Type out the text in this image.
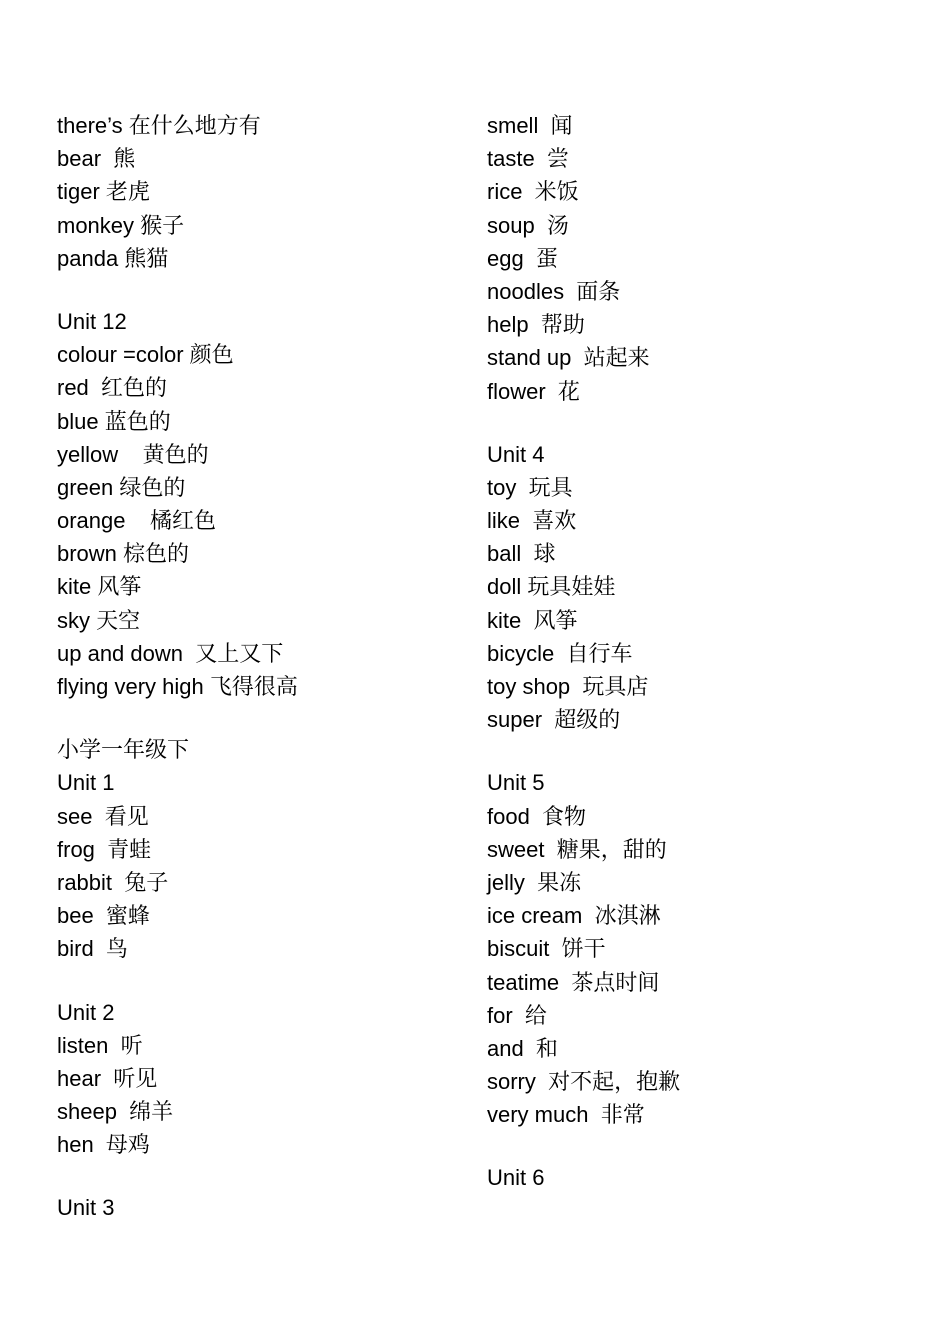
there’s 在什么地方有
bear  熊
tiger 老虎
monkey 猴子
panda 熊猫
Unit 12
colour =color 颜色
red  红色的
blue 蓝色的
yellow    黄色的
green 绿色的
orange    橘红色
brown 棕色的
kite 风筝
sky 天空
up and down  又上又下
flying very high 飞得很高
小学一年级下
Unit 1
see  看见
frog  青蛙
rabbit  兔子
bee  蜜蜂
bird  鸟
Unit 2
listen  听
hear  听见
sheep  绵羊
hen  母鸡
Unit 3
smell  闻
taste  尝
rice  米饭
soup  汤
egg  蛋
noodles  面条
help  帮助
stand up  站起来
flower  花
Unit 4
toy  玩具
like  喜欢
ball  球
doll 玩具娃娃
kite  风筝
bicycle  自行车
toy shop  玩具店
super  超级的
Unit 5
food  食物
sweet  糖果，甜的
jelly  果冻
ice cream  冰淇淋
biscuit  饼干
teatime  茶点时间
for  给
and  和
sorry  对不起，抱歉
very much  非常
Unit 6
